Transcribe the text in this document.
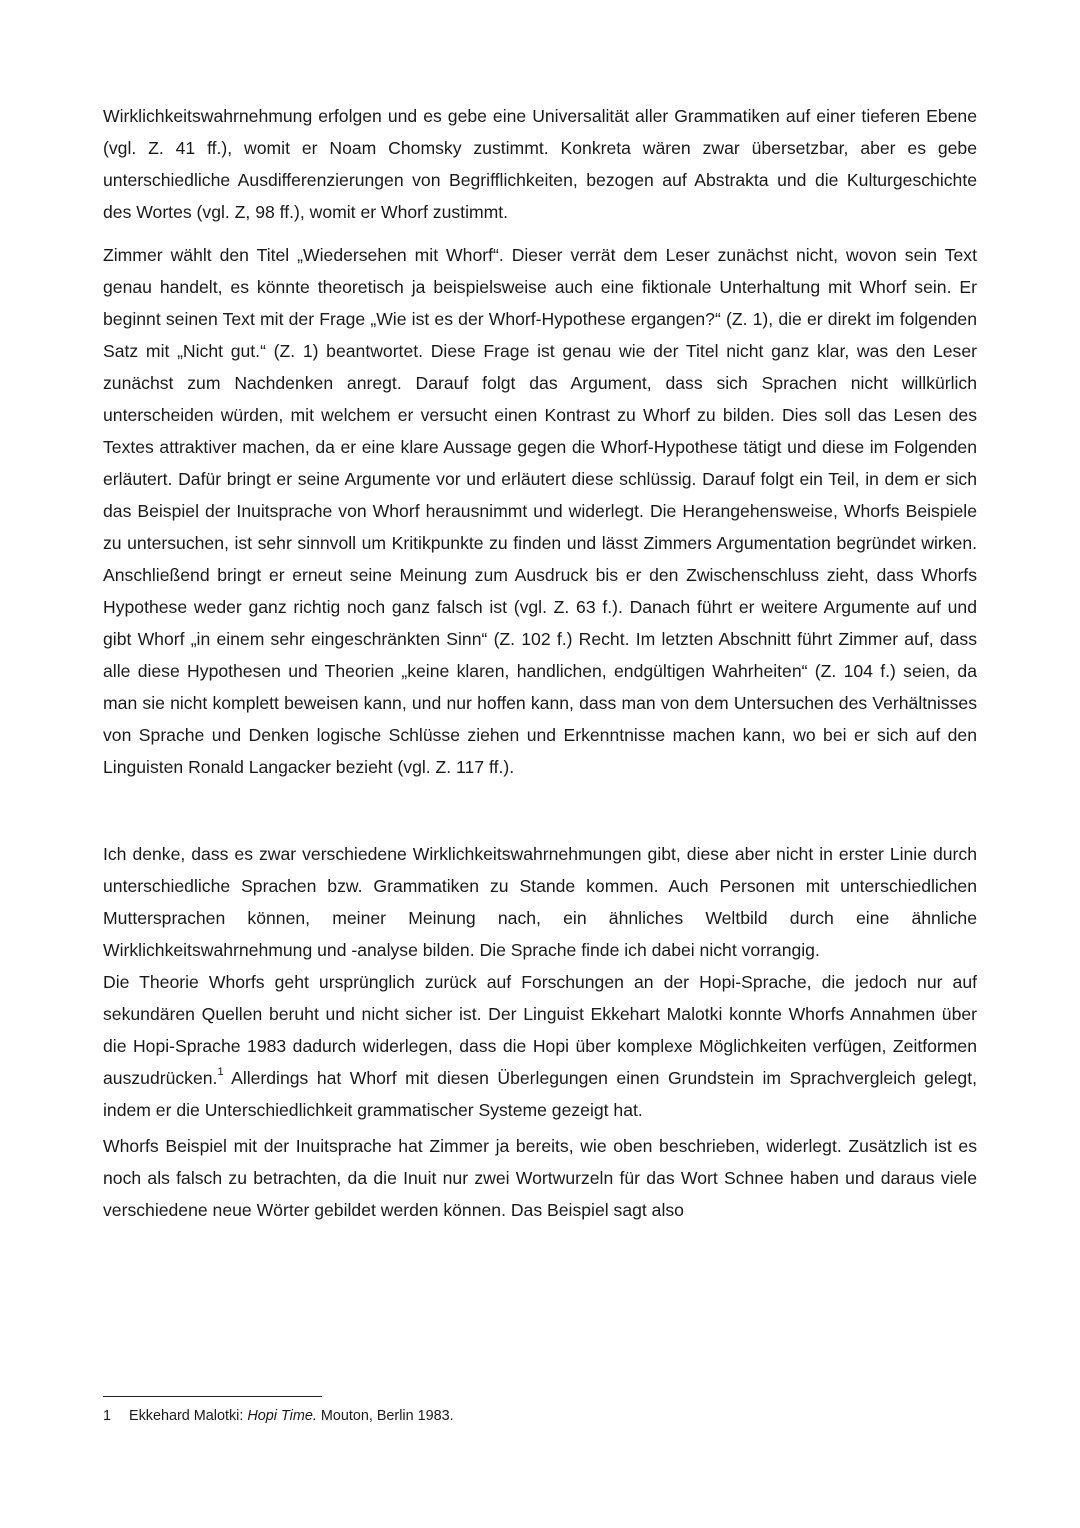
Wirklichkeitswahrnehmung erfolgen und es gebe eine Universalität aller Grammatiken auf einer tieferen Ebene (vgl. Z. 41 ff.), womit er Noam Chomsky zustimmt. Konkreta wären zwar übersetzbar, aber es gebe unterschiedliche Ausdifferenzierungen von Begrifflichkeiten, bezogen auf Abstrakta und die Kulturgeschichte des Wortes (vgl. Z, 98 ff.), womit er Whorf zustimmt.

Zimmer wählt den Titel „Wiedersehen mit Whorf“. Dieser verrät dem Leser zunächst nicht, wovon sein Text genau handelt, es könnte theoretisch ja beispielsweise auch eine fiktionale Unterhaltung mit Whorf sein. Er beginnt seinen Text mit der Frage „Wie ist es der Whorf-Hypothese ergangen?“ (Z. 1), die er direkt im folgenden Satz mit „Nicht gut.“ (Z. 1) beantwortet. Diese Frage ist genau wie der Titel nicht ganz klar, was den Leser zunächst zum Nachdenken anregt. Darauf folgt das Argument, dass sich Sprachen nicht willkürlich unterscheiden würden, mit welchem er versucht einen Kontrast zu Whorf zu bilden. Dies soll das Lesen des Textes attraktiver machen, da er eine klare Aussage gegen die Whorf-Hypothese tätigt und diese im Folgenden erläutert. Dafür bringt er seine Argumente vor und erläutert diese schlüssig. Darauf folgt ein Teil, in dem er sich das Beispiel der Inuitsprache von Whorf herausnimmt und widerlegt. Die Herangehensweise, Whorfs Beispiele zu untersuchen, ist sehr sinnvoll um Kritikpunkte zu finden und lässt Zimmers Argumentation begründet wirken. Anschließend bringt er erneut seine Meinung zum Ausdruck bis er den Zwischenschluss zieht, dass Whorfs Hypothese weder ganz richtig noch ganz falsch ist (vgl. Z. 63 f.). Danach führt er weitere Argumente auf und gibt Whorf „in einem sehr eingeschränkten Sinn“ (Z. 102 f.) Recht. Im letzten Abschnitt führt Zimmer auf, dass alle diese Hypothesen und Theorien „keine klaren, handlichen, endgültigen Wahrheiten“ (Z. 104 f.) seien, da man sie nicht komplett beweisen kann, und nur hoffen kann, dass man von dem Untersuchen des Verhältnisses von Sprache und Denken logische Schlüsse ziehen und Erkenntnisse machen kann, wo bei er sich auf den Linguisten Ronald Langacker bezieht (vgl. Z. 117 ff.).

Ich denke, dass es zwar verschiedene Wirklichkeitswahrnehmungen gibt, diese aber nicht in erster Linie durch unterschiedliche Sprachen bzw. Grammatiken zu Stande kommen. Auch Personen mit unterschiedlichen Muttersprachen können, meiner Meinung nach, ein ähnliches Weltbild durch eine ähnliche Wirklichkeitswahrnehmung und -analyse bilden. Die Sprache finde ich dabei nicht vorrangig.

Die Theorie Whorfs geht ursprünglich zurück auf Forschungen an der Hopi-Sprache, die jedoch nur auf sekundären Quellen beruht und nicht sicher ist. Der Linguist Ekkehart Malotki konnte Whorfs Annahmen über die Hopi-Sprache 1983 dadurch widerlegen, dass die Hopi über komplexe Möglichkeiten verfügen, Zeitformen auszudrücken.$^1$ Allerdings hat Whorf mit diesen Überlegungen einen Grundstein im Sprachvergleich gelegt, indem er die Unterschiedlichkeit grammatischer Systeme gezeigt hat.

Whorfs Beispiel mit der Inuitsprache hat Zimmer ja bereits, wie oben beschrieben, widerlegt. Zusätzlich ist es noch als falsch zu betrachten, da die Inuit nur zwei Wortwurzeln für das Wort Schnee haben und daraus viele verschiedene neue Wörter gebildet werden können. Das Beispiel sagt also

1 Ekkehard Malotki: Hopi Time. Mouton, Berlin 1983.
